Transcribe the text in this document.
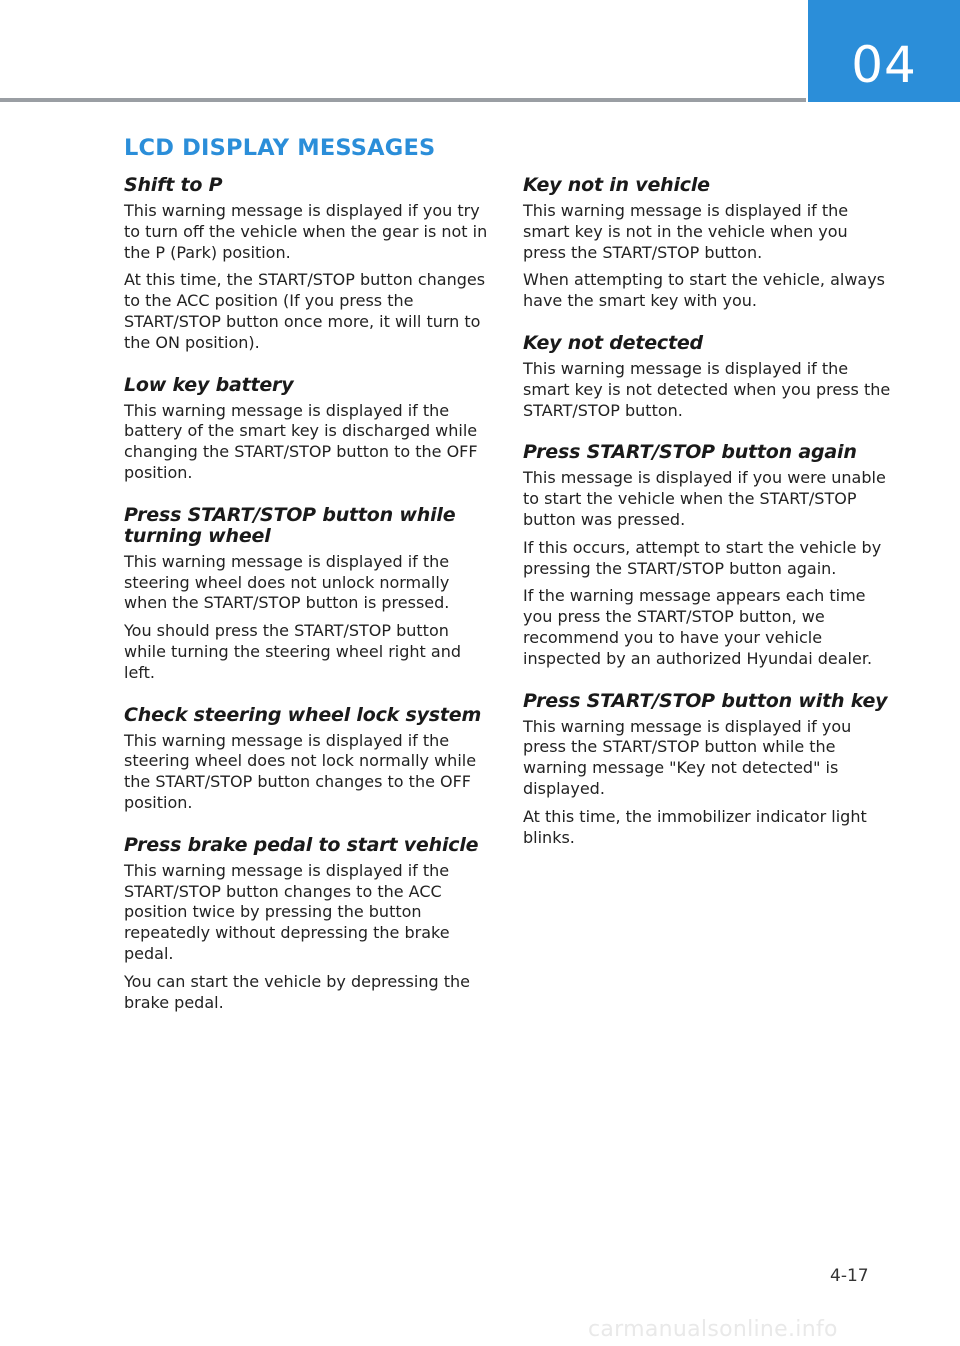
04
LCD DISPLAY MESSAGES
Shift to P

This warning message is displayed if you try to turn off the vehicle when the gear is not in the P (Park) position.

At this time, the START/STOP button changes to the ACC position (If you press the START/STOP button once more, it will turn to the ON position).

Low key battery

This warning message is displayed if the battery of the smart key is discharged while changing the START/STOP button to the OFF position.

Press START/STOP button while turning wheel

This warning message is displayed if the steering wheel does not unlock normally when the START/STOP button is pressed.

You should press the START/STOP button while turning the steering wheel right and left.

Check steering wheel lock system

This warning message is displayed if the steering wheel does not lock normally while the START/STOP button changes to the OFF position.

Press brake pedal to start vehicle

This warning message is displayed if the START/STOP button changes to the ACC position twice by pressing the button repeatedly without depressing the brake pedal.

You can start the vehicle by depressing the brake pedal.

Key not in vehicle

This warning message is displayed if the smart key is not in the vehicle when you press the START/STOP button.

When attempting to start the vehicle, always have the smart key with you.

Key not detected

This warning message is displayed if the smart key is not detected when you press the START/STOP button.

Press START/STOP button again

This message is displayed if you were unable to start the vehicle when the START/STOP button was pressed.

If this occurs, attempt to start the vehicle by pressing the START/STOP button again.

If the warning message appears each time you press the START/STOP button, we recommend you to have your vehicle inspected by an authorized Hyundai dealer.

Press START/STOP button with key

This warning message is displayed if you press the START/STOP button while the warning message "Key not detected" is displayed.

At this time, the immobilizer indicator light blinks.

4-17
carmanualsonline.info
